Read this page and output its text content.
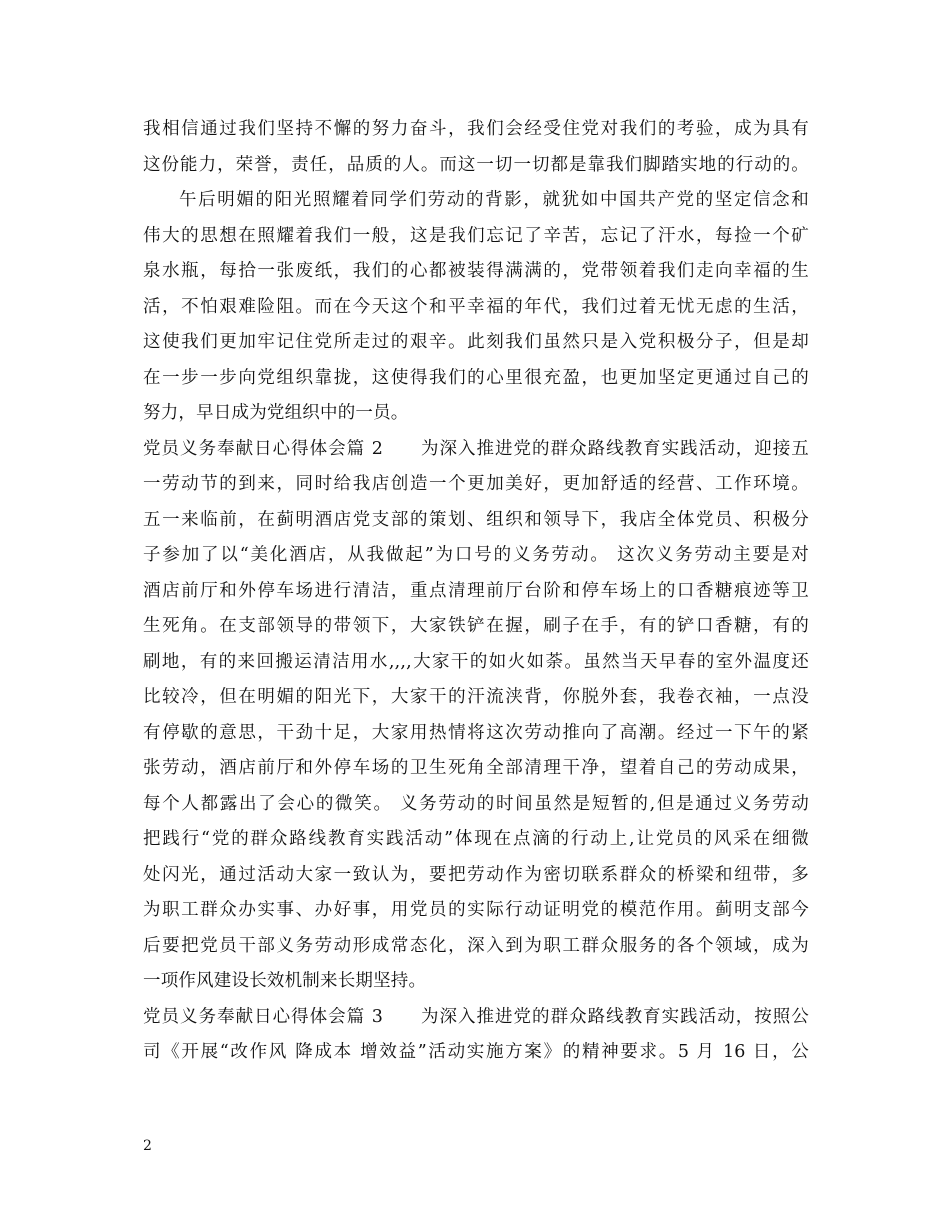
我相信通过我们坚持不懈的努力奋斗，我们会经受住党对我们的考验，成为具有
这份能力，荣誉，责任，品质的人。而这一切一切都是靠我们脚踏实地的行动的。
午后明媚的阳光照耀着同学们劳动的背影，就犹如中国共产党的坚定信念和
伟大的思想在照耀着我们一般，这是我们忘记了辛苦，忘记了汗水，每捡一个矿
泉水瓶，每拾一张废纸，我们的心都被装得满满的，党带领着我们走向幸福的生
活，不怕艰难险阻。而在今天这个和平幸福的年代，我们过着无忧无虑的生活，
这使我们更加牢记住党所走过的艰辛。此刻我们虽然只是入党积极分子，但是却
在一步一步向党组织靠拢，这使得我们的心里很充盈，也更加坚定更通过自己的
努力，早日成为党组织中的一员。
党员义务奉献日心得体会篇 2　　为深入推进党的群众路线教育实践活动，迎接五
一劳动节的到来，同时给我店创造一个更加美好，更加舒适的经营、工作环境。
五一来临前，在蓟明酒店党支部的策划、组织和领导下，我店全体党员、积极分
子参加了以“美化酒店，从我做起”为口号的义务劳动。 这次义务劳动主要是对
酒店前厅和外停车场进行清洁，重点清理前厅台阶和停车场上的口香糖痕迹等卫
生死角。在支部领导的带领下，大家铁铲在握，刷子在手，有的铲口香糖，有的
刷地，有的来回搬运清洁用水,,,,大家干的如火如荼。虽然当天早春的室外温度还
比较冷，但在明媚的阳光下，大家干的汗流浃背，你脱外套，我卷衣袖，一点没
有停歇的意思，干劲十足，大家用热情将这次劳动推向了高潮。经过一下午的紧
张劳动，酒店前厅和外停车场的卫生死角全部清理干净，望着自己的劳动成果，
每个人都露出了会心的微笑。 义务劳动的时间虽然是短暂的,但是通过义务劳动
把践行“党的群众路线教育实践活动”体现在点滴的行动上,让党员的风采在细微
处闪光，通过活动大家一致认为，要把劳动作为密切联系群众的桥梁和纽带，多
为职工群众办实事、办好事，用党员的实际行动证明党的模范作用。蓟明支部今
后要把党员干部义务劳动形成常态化，深入到为职工群众服务的各个领域，成为
一项作风建设长效机制来长期坚持。
党员义务奉献日心得体会篇 3　　为深入推进党的群众路线教育实践活动，按照公
司《开展“改作风 降成本 增效益”活动实施方案》的精神要求。5 月 16 日，公
2
